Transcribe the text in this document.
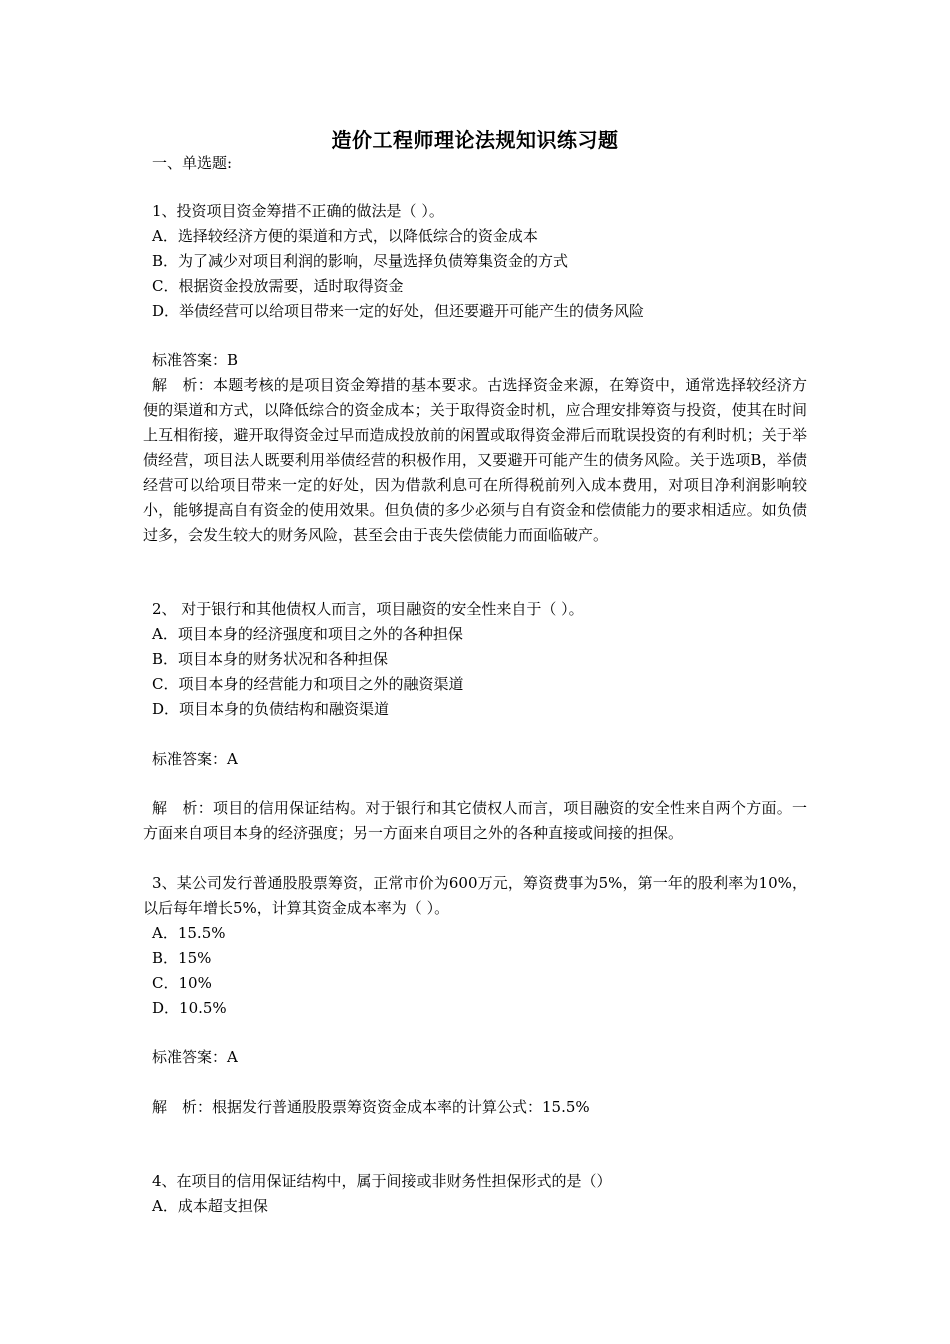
造价工程师理论法规知识练习题
一、单选题:
1、投资项目资金筹措不正确的做法是（ ）。
A．选择较经济方便的渠道和方式，以降低综合的资金成本
B．为了减少对项目利润的影响，尽量选择负债筹集资金的方式
C．根据资金投放需要，适时取得资金
D．举债经营可以给项目带来一定的好处，但还要避开可能产生的债务风险
标准答案：B
解　析：本题考核的是项目资金筹措的基本要求。古选择资金来源，在筹资中，通常选择较经济方便的渠道和方式，以降低综合的资金成本；关于取得资金时机，应合理安排筹资与投资，使其在时间上互相衔接，避开取得资金过早而造成投放前的闲置或取得资金滞后而耽误投资的有利时机；关于举债经营，项目法人既要利用举债经营的积极作用，又要避开可能产生的债务风险。关于选项B，举债经营可以给项目带来一定的好处，因为借款利息可在所得税前列入成本费用，对项目净利润影响较小，能够提高自有资金的使用效果。但负债的多少必须与自有资金和偿债能力的要求相适应。如负债过多，会发生较大的财务风险，甚至会由于丧失偿债能力而面临破产。
2、 对于银行和其他债权人而言，项目融资的安全性来自于（ ）。
A．项目本身的经济强度和项目之外的各种担保
B．项目本身的财务状况和各种担保
C．项目本身的经营能力和项目之外的融资渠道
D．项目本身的负债结构和融资渠道
标准答案：A
解　析：项目的信用保证结构。对于银行和其它债权人而言，项目融资的安全性来自两个方面。一方面来自项目本身的经济强度；另一方面来自项目之外的各种直接或间接的担保。
3、某公司发行普通股股票筹资，正常市价为600万元，筹资费事为5%，第一年的股利率为10%，以后每年增长5%，计算其资金成本率为（ ）。
A．15.5%
B．15%
C．10%
D．10.5%
标准答案：A
解　析：根据发行普通股股票筹资资金成本率的计算公式：15.5%
4、在项目的信用保证结构中，属于间接或非财务性担保形式的是（）
A．成本超支担保
